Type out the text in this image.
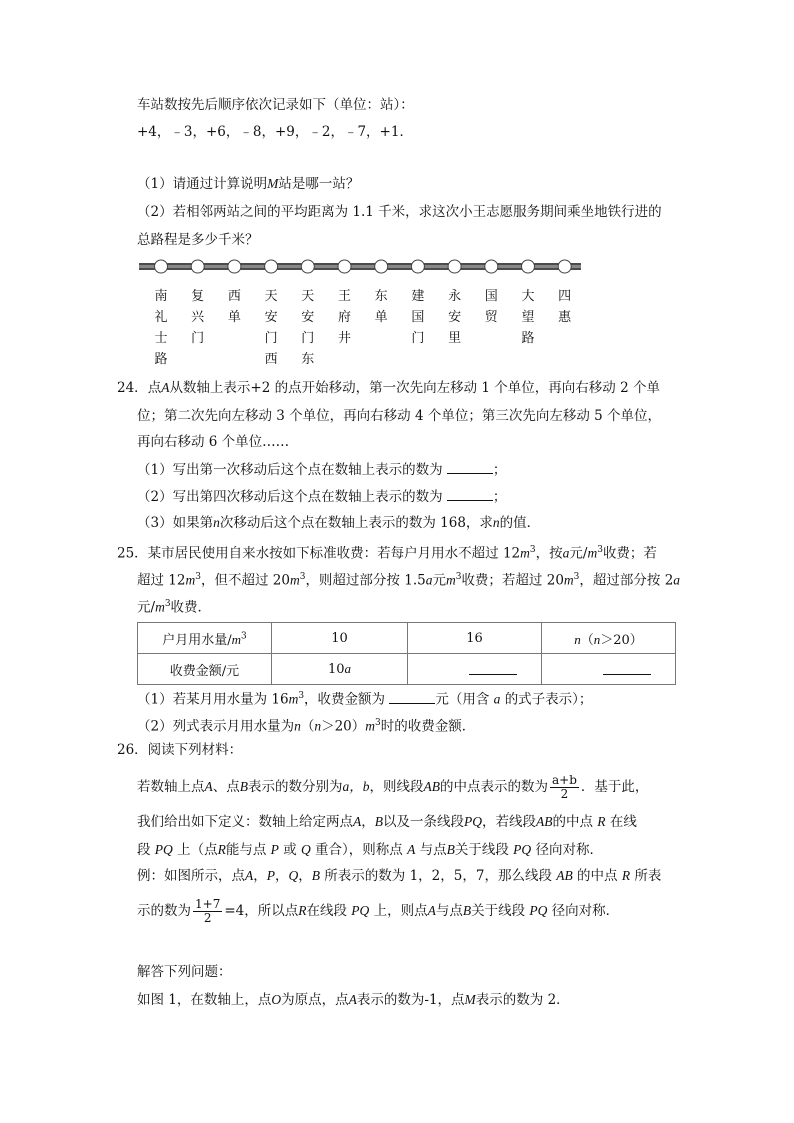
车站数按先后顺序依次记录如下（单位：站）：
+4，﹣3，+6，﹣8，+9，﹣2，﹣7，+1．
（1）请通过计算说明M站是哪一站？
（2）若相邻两站之间的平均距离为 1.1 千米，求这次小王志愿服务期间乘坐地铁行进的
总路程是多少千米？
南
礼
士
路
复
兴
门
西
单
天
安
门
西
天
安
门
东
王
府
井
东
单
建
国
门
永
安
里
国
贸
大
望
路
四
惠
24．点A从数轴上表示+2 的点开始移动，第一次先向左移动 1 个单位，再向右移动 2 个单
位；第二次先向左移动 3 个单位，再向右移动 4 个单位；第三次先向左移动 5 个单位，
再向右移动 6 个单位……
（1）写出第一次移动后这个点在数轴上表示的数为	；
（2）写出第四次移动后这个点在数轴上表示的数为	；
（3）如果第n次移动后这个点在数轴上表示的数为 168，求n的值．
25．某市居民使用自来水按如下标准收费：若每户月用水不超过 $12m^3$，按a元$/m^3$收费；若
超过 $12m^3$，但不超过 $20m^3$，则超过部分按 1.5a元$m^3$收费；若超过 $20m^3$，超过部分按 2a
元$/m^3$收费．
户月用水量$/m^3$	10	16	n（n＞20）
收费金额/元	10a		
（1）若某月用水量为 $16m^3$，收费金额为	元（用含 a 的式子表示）；
（2）列式表示月用水量为$n(n>20)m^3$时的收费金额．
26．阅读下列材料：
若数轴上点A、点B表示的数分别为a，b，则线段AB的中点表示的数为 $\frac{a+b}{2}$ ．基于此，
我们给出如下定义：数轴上给定两点A，B以及一条线段PQ，若线段AB的中点 R 在线
段 PQ 上（点R能与点 P 或 Q 重合），则称点 A 与点B关于线段 PQ 径向对称．
例：如图所示，点A，P，Q，B 所表示的数为 1，2，5，7，那么线段 AB 的中点 R 所表
示的数为 $\frac{1+7}{2} =4$，所以点R在线段 PQ 上，则点A与点B关于线段 PQ 径向对称．
解答下列问题：
如图 1，在数轴上，点O为原点，点A表示的数为-1，点M表示的数为 2．
